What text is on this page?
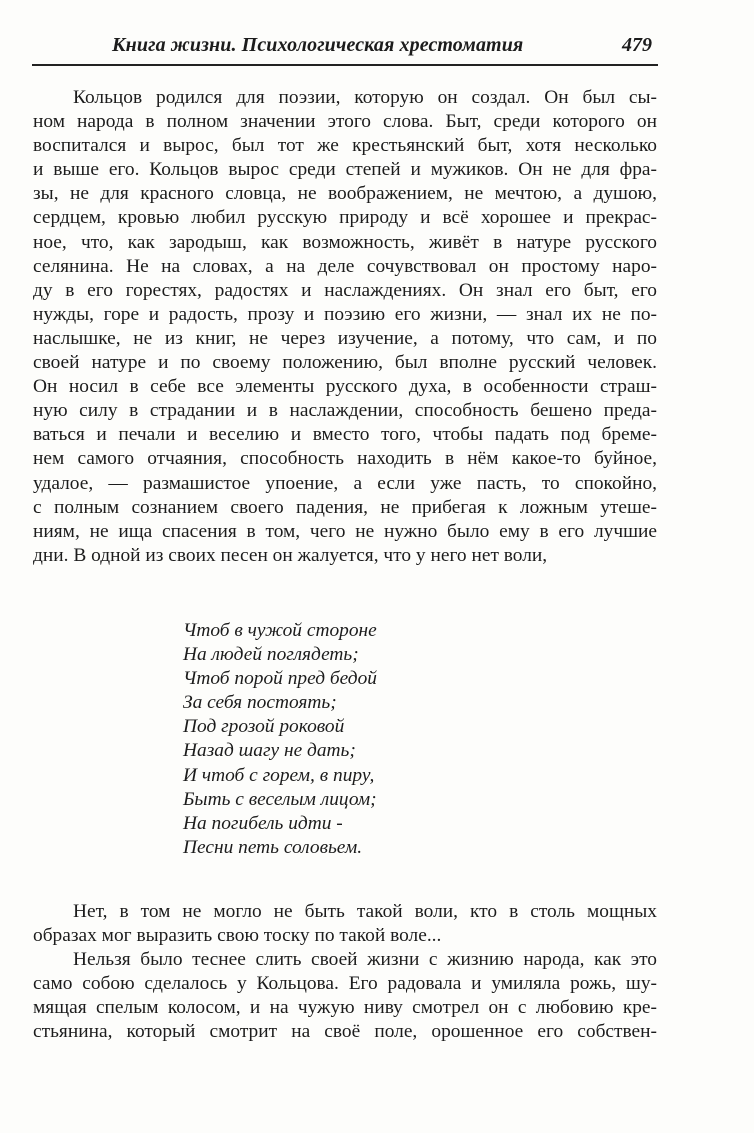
Книга жизни. Психологическая хрестоматия	479
Кольцов родился для поэзии, которую он создал. Он был сы-
ном народа в полном значении этого слова. Быт, среди которого он
воспитался и вырос, был тот же крестьянский быт, хотя несколько
и выше его. Кольцов вырос среди степей и мужиков. Он не для фра-
зы, не для красного словца, не воображением, не мечтою, а душою,
сердцем, кровью любил русскую природу и всё хорошее и прекрас-
ное, что, как зародыш, как возможность, живёт в натуре русского
селянина. Не на словах, а на деле сочувствовал он простому наро-
ду в его горестях, радостях и наслаждениях. Он знал его быт, его
нужды, горе и радость, прозу и поэзию его жизни, — знал их не по-
наслышке, не из книг, не через изучение, а потому, что сам, и по
своей натуре и по своему положению, был вполне русский человек.
Он носил в себе все элементы русского духа, в особенности страш-
ную силу в страдании и в наслаждении, способность бешено преда-
ваться и печали и веселию и вместо того, чтобы падать под бреме-
нем самого отчаяния, способность находить в нём какое-то буйное,
удалое, — размашистое упоение, а если уже пасть, то спокойно,
с полным сознанием своего падения, не прибегая к ложным утеше-
ниям, не ища спасения в том, чего не нужно было ему в его лучшие
дни. В одной из своих песен он жалуется, что у него нет воли,
Чтоб в чужой стороне
На людей поглядеть;
Чтоб порой пред бедой
За себя постоять;
Под грозой роковой
Назад шагу не дать;
И чтоб с горем, в пиру,
Быть с веселым лицом;
На погибель идти -
Песни петь соловьем.
Нет, в том не могло не быть такой воли, кто в столь мощных
образах мог выразить свою тоску по такой воле...
Нельзя было теснее слить своей жизни с жизнию народа, как это
само собою сделалось у Кольцова. Его радовала и умиляла рожь, шу-
мящая спелым колосом, и на чужую ниву смотрел он с любовию кре-
стьянина, который смотрит на своё поле, орошенное его собствен-
